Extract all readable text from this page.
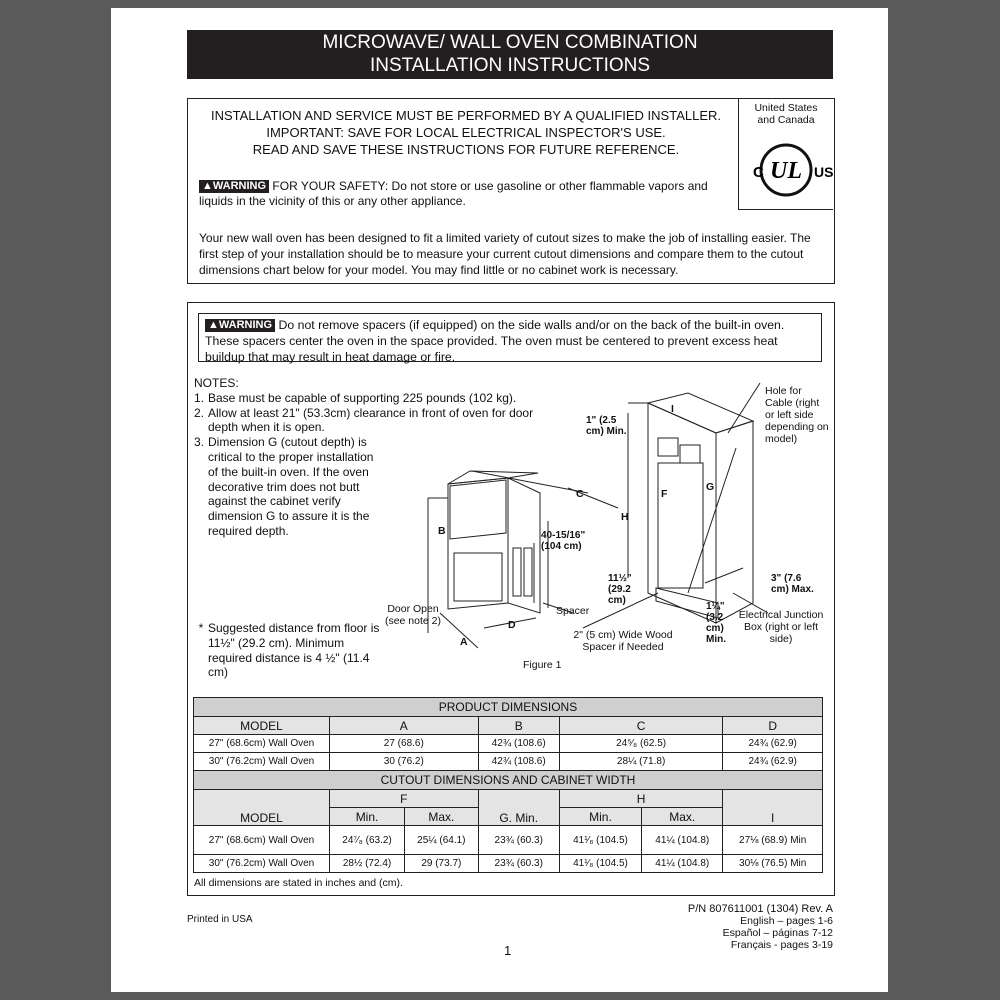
MICROWAVE/ WALL OVEN COMBINATION
INSTALLATION INSTRUCTIONS
INSTALLATION AND SERVICE MUST BE PERFORMED BY A QUALIFIED INSTALLER.
IMPORTANT: SAVE FOR LOCAL ELECTRICAL INSPECTOR'S USE.
READ AND SAVE THESE INSTRUCTIONS FOR FUTURE REFERENCE.
▲WARNING FOR YOUR SAFETY: Do not store or use gasoline or other flammable vapors and liquids in the vicinity of this or any other appliance.
Your new wall oven has been designed to fit a limited variety of cutout sizes to make the job of installing easier. The first step of your installation should be to measure your current cutout dimensions and compare them to the cutout dimensions chart below for your model. You may find little or no cabinet work is necessary.
United States
and Canada
C UL US
▲WARNING Do not remove spacers (if equipped) on the side walls and/or on the back of the built-in oven. These spacers center the oven in the space provided. The oven must be centered to prevent excess heat buildup that may result in heat damage or fire.
NOTES:
1. Base must be capable of supporting 225 pounds (102 kg).
2. Allow at least 21" (53.3cm) clearance in front of oven for door depth when it is open.
3. Dimension G (cutout depth) is critical to the proper installation of the built-in oven. If the oven decorative trim does not butt against the cabinet verify dimension G to assure it is the required depth.
* Suggested distance from floor is 11½" (29.2 cm). Minimum required distance is 4 ½" (11.4 cm)
Door Open (see note 2)
Spacer
Figure 1
40-15/16" (104 cm)
B
C
D
A
I
H
F
G
1" (2.5 cm) Min.
Hole for Cable (right or left side depending on model)
11½" (29.2 cm)
3" (7.6 cm) Max.
1¼" (3.2 cm) Min.
Electrical Junction Box (right or left side)
2" (5 cm) Wide Wood Spacer if Needed
PRODUCT DIMENSIONS						
MODEL	A		B	C		D
27" (68.6cm) Wall Oven	27 (68.6)		42¾ (108.6)	24⁵⁄₈ (62.5)		24¾ (62.9)
30" (76.2cm) Wall Oven	30 (76.2)		42¾ (108.6)	28¼ (71.8)		24¾ (62.9)
CUTOUT DIMENSIONS AND CABINET WIDTH						
MODEL	F		G. Min.	H		I
	Min.	Max.		Min.	Max.	
27" (68.6cm) Wall Oven	24⁷⁄₈ (63.2)	25¼ (64.1)	23¾ (60.3)	41¹⁄₈ (104.5)	41¼ (104.8)	27⅛ (68.9) Min
30" (76.2cm) Wall Oven	28½ (72.4)	29 (73.7)	23¾ (60.3)	41¹⁄₈ (104.5)	41¼ (104.8)	30⅛ (76.5) Min
All dimensions are stated in inches and (cm).
Printed in USA
P/N 807611001 (1304) Rev. A
English – pages 1-6
Español – páginas 7-12
Français - pages 3-19
1
